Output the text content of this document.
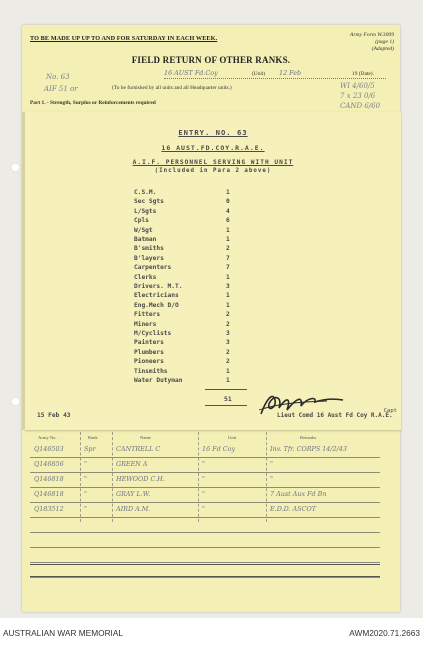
TO BE MADE UP UP TO AND FOR SATURDAY IN EACH WEEK.	Army Form W.3009
(page 1)
(Adapted)
FIELD RETURN OF OTHER RANKS.
16 AUST Fd.Coy	(Unit) 12 Feb	19 (Date).
(To be furnished by all units and all Headquarter units.)
Part 1. - Strength, Surplus or Reinforcements required
No. 63
AIF 51 or	WI 4/60/5
7 x 23 0/6
CAND 6/60
ENTRY. NO. 63
16 AUST.FD.COY.R.A.E.
A.I.F. PERSONNEL SERVING WITH UNIT
(Included in Para 2 above)
C.S.M.	1
Sec Sgts	0
L/Sgts	4
Cpls	6
W/Sgt	1
Batman	1
B'smiths	2
B'layers	7
Carpenters	7
Clerks	1
Drivers. M.T.	3
Electricians	1
Eng.Mech D/O	1
Fitters	2
Miners	2
M/Cyclists	3
Painters	3
Plumbers	2
Pioneers	2
Tinsmiths	1
Water Dutyman	1
51
15 Feb 43	Lieut Comd 16 Aust Fd Coy R.A.E.
Capt
Army No.	Rank	Name	Unit	Remarks
Q146503	Spr	CANTRELL C	16 Fd Coy	Inv. Tfr. CORPS 14/2/43
Q146856	"	GREEN A	"	"
Q146818	"	HEWOOD C.H.	"	"
Q146818	"	GRAY L.W.	"	7 Aust Aux Fd Bn
Q183512	"	AIRD A.M.	"	E.D.D. ASCOT
AUSTRALIAN WAR MEMORIAL	AWM2020.71.2663
